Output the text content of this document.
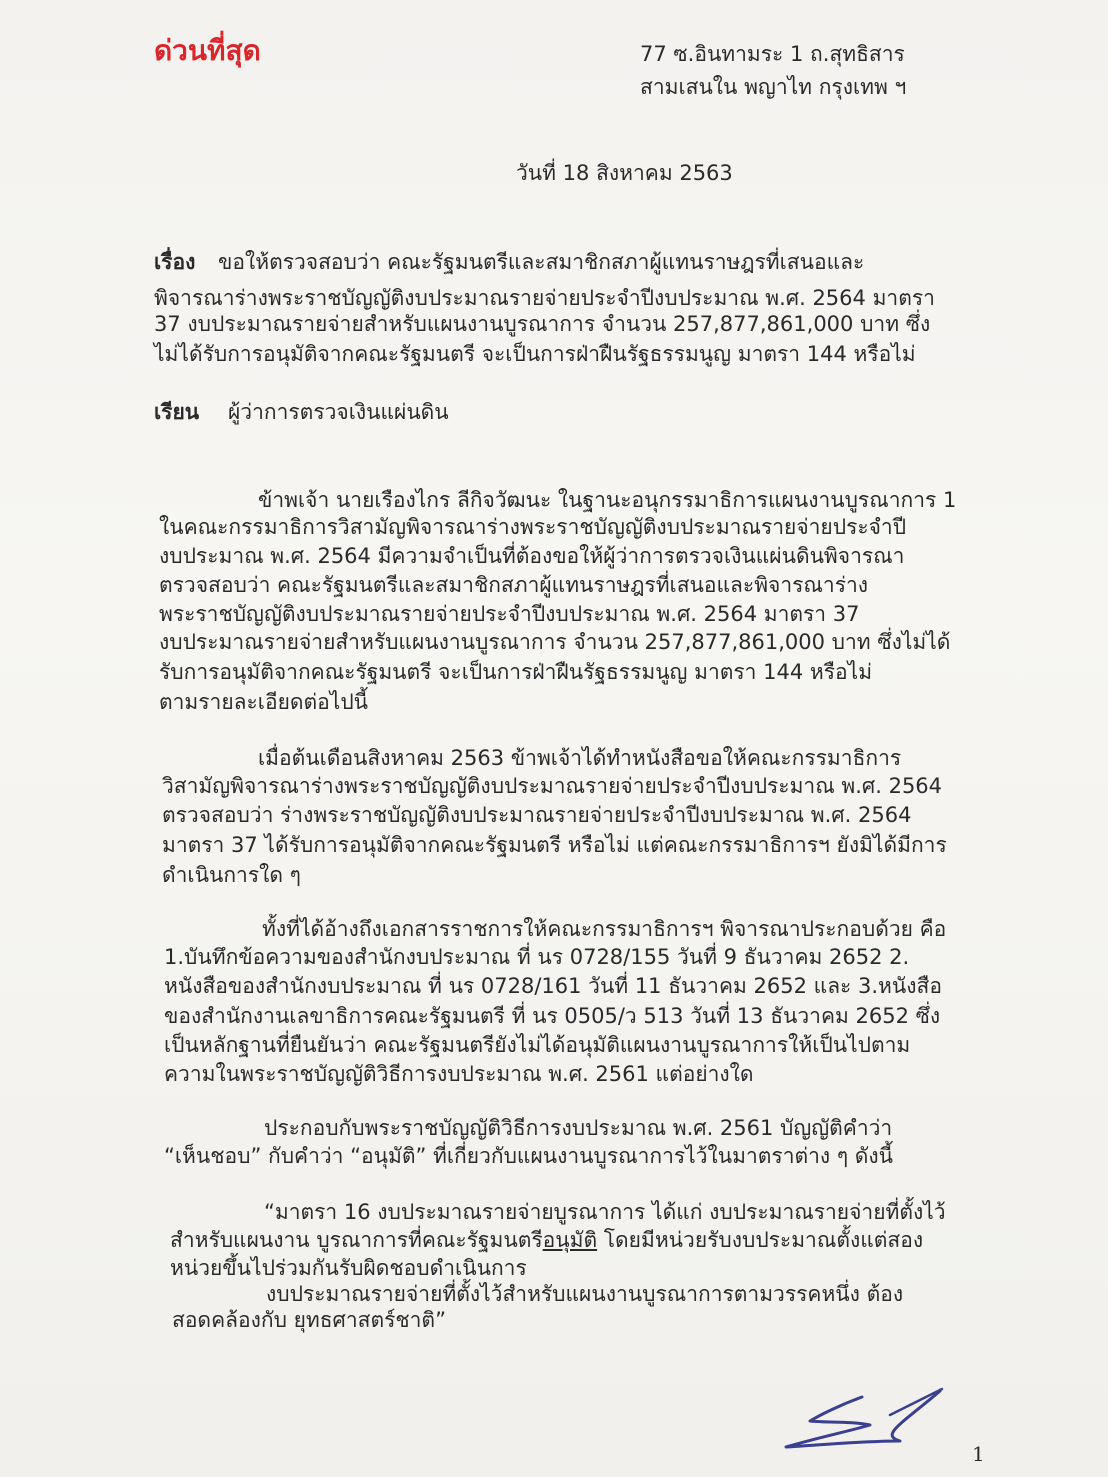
ด่วนที่สุด	77 ซ.อินทามระ 1 ถ.สุทธิสาร
สามเสนใน พญาไท กรุงเทพ ฯ
วันที่ 18 สิงหาคม 2563
เรื่อง ขอให้ตรวจสอบว่า คณะรัฐมนตรีและสมาชิกสภาผู้แทนราษฎรที่เสนอและ
พิจารณาร่างพระราชบัญญัติงบประมาณรายจ่ายประจำปีงบประมาณ พ.ศ. 2564 มาตรา
37 งบประมาณรายจ่ายสำหรับแผนงานบูรณาการ จำนวน 257,877,861,000 บาท ซึ่ง
ไม่ได้รับการอนุมัติจากคณะรัฐมนตรี จะเป็นการฝ่าฝืนรัฐธรรมนูญ มาตรา 144 หรือไม่
เรียน ผู้ว่าการตรวจเงินแผ่นดิน
ข้าพเจ้า นายเรืองไกร ลีกิจวัฒนะ ในฐานะอนุกรรมาธิการแผนงานบูรณาการ 1
ในคณะกรรมาธิการวิสามัญพิจารณาร่างพระราชบัญญัติงบประมาณรายจ่ายประจำปี
งบประมาณ พ.ศ. 2564 มีความจำเป็นที่ต้องขอให้ผู้ว่าการตรวจเงินแผ่นดินพิจารณา
ตรวจสอบว่า คณะรัฐมนตรีและสมาชิกสภาผู้แทนราษฎรที่เสนอและพิจารณาร่าง
พระราชบัญญัติงบประมาณรายจ่ายประจำปีงบประมาณ พ.ศ. 2564 มาตรา 37
งบประมาณรายจ่ายสำหรับแผนงานบูรณาการ จำนวน 257,877,861,000 บาท ซึ่งไม่ได้
รับการอนุมัติจากคณะรัฐมนตรี จะเป็นการฝ่าฝืนรัฐธรรมนูญ มาตรา 144 หรือไม่
ตามรายละเอียดต่อไปนี้
เมื่อต้นเดือนสิงหาคม 2563 ข้าพเจ้าได้ทำหนังสือขอให้คณะกรรมาธิการ
วิสามัญพิจารณาร่างพระราชบัญญัติงบประมาณรายจ่ายประจำปีงบประมาณ พ.ศ. 2564
ตรวจสอบว่า ร่างพระราชบัญญัติงบประมาณรายจ่ายประจำปีงบประมาณ พ.ศ. 2564
มาตรา 37 ได้รับการอนุมัติจากคณะรัฐมนตรี หรือไม่ แต่คณะกรรมาธิการฯ ยังมิได้มีการ
ดำเนินการใด ๆ
ทั้งที่ได้อ้างถึงเอกสารราชการให้คณะกรรมาธิการฯ พิจารณาประกอบด้วย คือ
1.บันทึกข้อความของสำนักงบประมาณ ที่ นร 0728/155 วันที่ 9 ธันวาคม 2652 2.
หนังสือของสำนักงบประมาณ ที่ นร 0728/161 วันที่ 11 ธันวาคม 2652 และ 3.หนังสือ
ของสำนักงานเลขาธิการคณะรัฐมนตรี ที่ นร 0505/ว 513 วันที่ 13 ธันวาคม 2652 ซึ่ง
เป็นหลักฐานที่ยืนยันว่า คณะรัฐมนตรียังไม่ได้อนุมัติแผนงานบูรณาการให้เป็นไปตาม
ความในพระราชบัญญัติวิธีการงบประมาณ พ.ศ. 2561 แต่อย่างใด
ประกอบกับพระราชบัญญัติวิธีการงบประมาณ พ.ศ. 2561 บัญญัติคำว่า
“เห็นชอบ” กับคำว่า “อนุมัติ” ที่เกี่ยวกับแผนงานบูรณาการไว้ในมาตราต่าง ๆ ดังนี้
“มาตรา 16 งบประมาณรายจ่ายบูรณาการ ได้แก่ งบประมาณรายจ่ายที่ตั้งไว้
สำหรับแผนงาน บูรณาการที่คณะรัฐมนตรีอนุมัติ โดยมีหน่วยรับงบประมาณตั้งแต่สอง
หน่วยขึ้นไปร่วมกันรับผิดชอบดำเนินการ
งบประมาณรายจ่ายที่ตั้งไว้สำหรับแผนงานบูรณาการตามวรรคหนึ่ง ต้อง
สอดคล้องกับ ยุทธศาสตร์ชาติ”
1
